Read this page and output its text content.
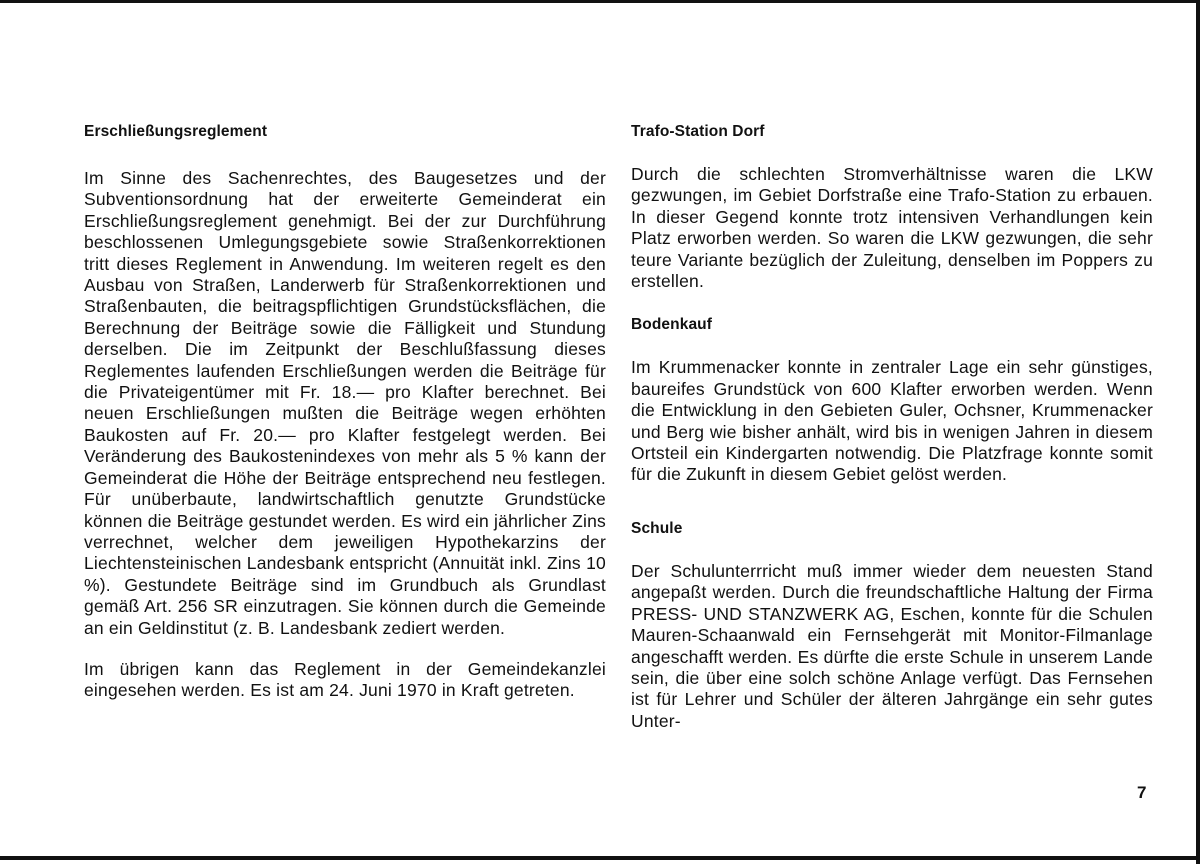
Erschließungsreglement

Im Sinne des Sachenrechtes, des Baugesetzes und der Subventionsordnung hat der erweiterte Gemeinderat ein Erschließungsreglement genehmigt. Bei der zur Durchführung beschlossenen Umlegungsgebiete sowie Straßenkorrektionen tritt dieses Reglement in Anwendung. Im weiteren regelt es den Ausbau von Straßen, Landerwerb für Straßenkorrektionen und Straßenbauten, die beitragspflichtigen Grundstücksflächen, die Berechnung der Beiträge sowie die Fälligkeit und Stundung derselben. Die im Zeitpunkt der Beschlußfassung dieses Reglementes laufenden Erschließungen werden die Beiträge für die Privateigentümer mit Fr. 18.— pro Klafter berechnet. Bei neuen Erschließungen mußten die Beiträge wegen erhöhten Baukosten auf Fr. 20.— pro Klafter festgelegt werden. Bei Veränderung des Baukostenindexes von mehr als 5 % kann der Gemeinderat die Höhe der Beiträge entsprechend neu festlegen. Für unüberbaute, landwirtschaftlich genutzte Grundstücke können die Beiträge gestundet werden. Es wird ein jährlicher Zins verrechnet, welcher dem jeweiligen Hypothekarzins der Liechtensteinischen Landesbank entspricht (Annuität inkl. Zins 10 %). Gestundete Beiträge sind im Grundbuch als Grundlast gemäß Art. 256 SR einzutragen. Sie können durch die Gemeinde an ein Geldinstitut (z. B. Landesbank zediert werden.

Im übrigen kann das Reglement in der Gemeindekanzlei eingesehen werden. Es ist am 24. Juni 1970 in Kraft getreten.

Trafo-Station Dorf

Durch die schlechten Stromverhältnisse waren die LKW gezwungen, im Gebiet Dorfstraße eine Trafo-Station zu erbauen. In dieser Gegend konnte trotz intensiven Verhandlungen kein Platz erworben werden. So waren die LKW gezwungen, die sehr teure Variante bezüglich der Zuleitung, denselben im Poppers zu erstellen.

Bodenkauf

Im Krummenacker konnte in zentraler Lage ein sehr günstiges, baureifes Grundstück von 600 Klafter erworben werden. Wenn die Entwicklung in den Gebieten Guler, Ochsner, Krummenacker und Berg wie bisher anhält, wird bis in wenigen Jahren in diesem Ortsteil ein Kindergarten notwendig. Die Platzfrage konnte somit für die Zukunft in diesem Gebiet gelöst werden.

Schule

Der Schulunterrricht muß immer wieder dem neuesten Stand angepaßt werden. Durch die freundschaftliche Haltung der Firma PRESS- UND STANZWERK AG, Eschen, konnte für die Schulen Mauren-Schaanwald ein Fernsehgerät mit Monitor-Filmanlage angeschafft werden. Es dürfte die erste Schule in unserem Lande sein, die über eine solch schöne Anlage verfügt. Das Fernsehen ist für Lehrer und Schüler der älteren Jahrgänge ein sehr gutes Unter-

7
